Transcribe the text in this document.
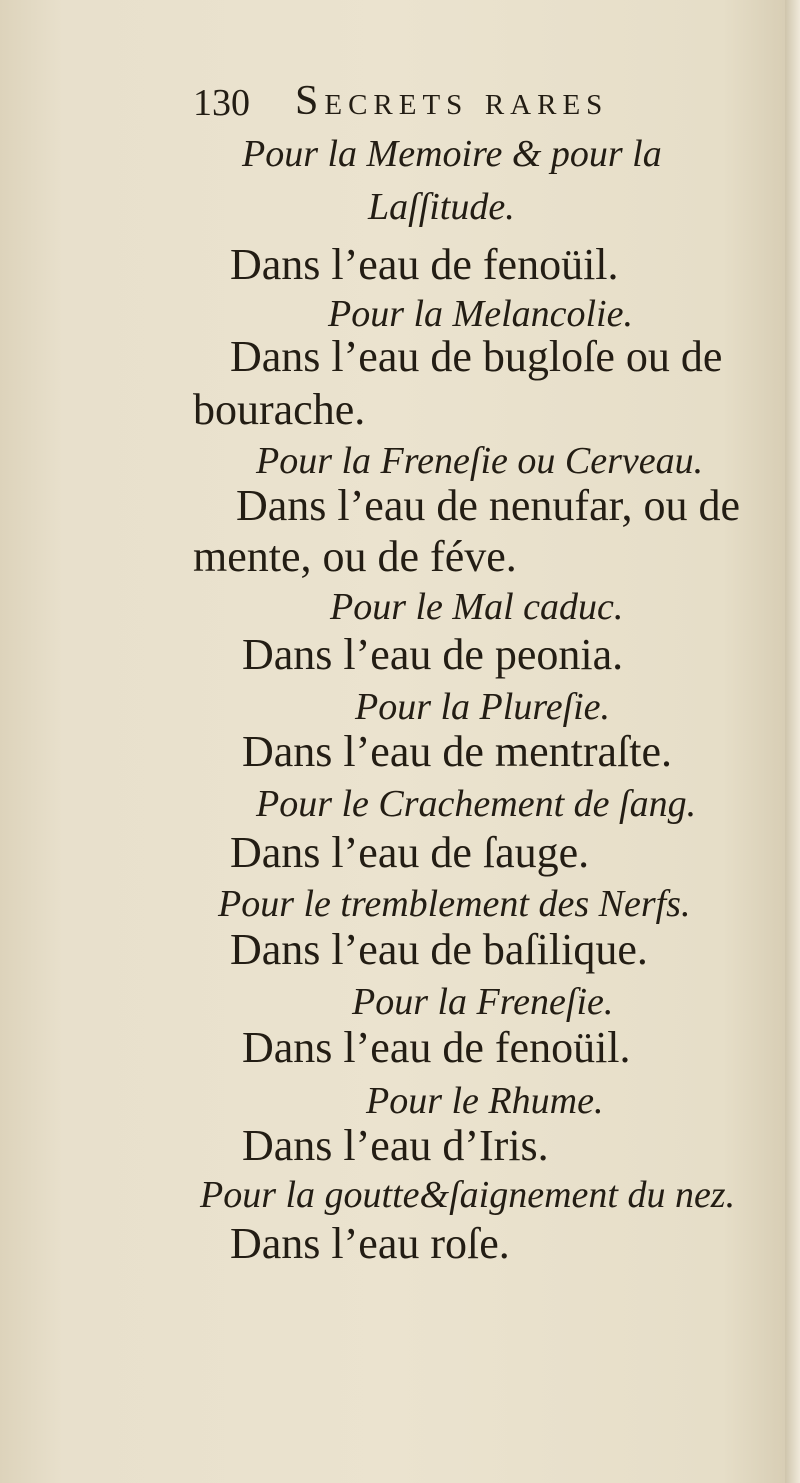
130 Secrets rares
Pour la Memoire & pour la
Laſſitude.
Dans l’eau de fenoüil.
Pour la Melancolie.
Dans l’eau de bugloſe ou de
bourache.
Pour la Freneſie ou Cerveau.
Dans l’eau de nenufar, ou de
mente, ou de féve.
Pour le Mal caduc.
Dans l’eau de peonia.
Pour la Plureſie.
Dans l’eau de mentraſte.
Pour le Crachement de ſang.
Dans l’eau de ſauge.
Pour le tremblement des Nerfs.
Dans l’eau de baſilique.
Pour la Freneſie.
Dans l’eau de fenoüil.
Pour le Rhume.
Dans l’eau d’Iris.
Pour la goutte&ſaignement du nez.
Dans l’eau roſe.
